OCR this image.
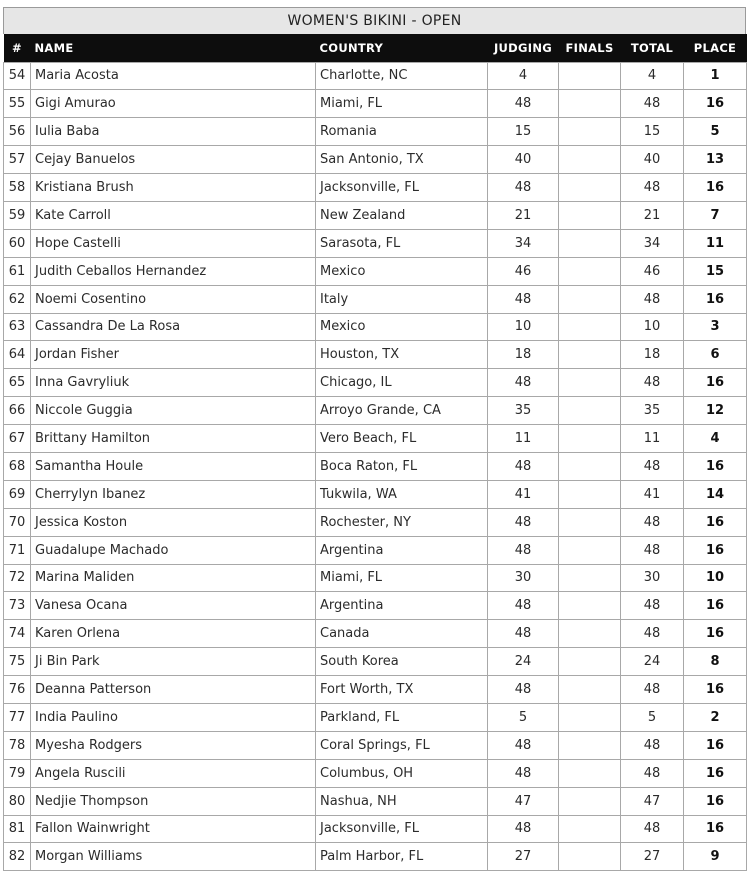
WOMEN'S BIKINI - OPEN
#	NAME	COUNTRY	JUDGING	FINALS	TOTAL	PLACE
54	Maria Acosta	Charlotte, NC	4		4	1
55	Gigi Amurao	Miami, FL	48		48	16
56	Iulia Baba	Romania	15		15	5
57	Cejay Banuelos	San Antonio, TX	40		40	13
58	Kristiana Brush	Jacksonville, FL	48		48	16
59	Kate Carroll	New Zealand	21		21	7
60	Hope Castelli	Sarasota, FL	34		34	11
61	Judith Ceballos Hernandez	Mexico	46		46	15
62	Noemi Cosentino	Italy	48		48	16
63	Cassandra De La Rosa	Mexico	10		10	3
64	Jordan Fisher	Houston, TX	18		18	6
65	Inna Gavryliuk	Chicago, IL	48		48	16
66	Niccole Guggia	Arroyo Grande, CA	35		35	12
67	Brittany Hamilton	Vero Beach, FL	11		11	4
68	Samantha Houle	Boca Raton, FL	48		48	16
69	Cherrylyn Ibanez	Tukwila, WA	41		41	14
70	Jessica Koston	Rochester, NY	48		48	16
71	Guadalupe Machado	Argentina	48		48	16
72	Marina Maliden	Miami, FL	30		30	10
73	Vanesa Ocana	Argentina	48		48	16
74	Karen Orlena	Canada	48		48	16
75	Ji Bin Park	South Korea	24		24	8
76	Deanna Patterson	Fort Worth, TX	48		48	16
77	India Paulino	Parkland, FL	5		5	2
78	Myesha Rodgers	Coral Springs, FL	48		48	16
79	Angela Ruscili	Columbus, OH	48		48	16
80	Nedjie Thompson	Nashua, NH	47		47	16
81	Fallon Wainwright	Jacksonville, FL	48		48	16
82	Morgan Williams	Palm Harbor, FL	27		27	9
